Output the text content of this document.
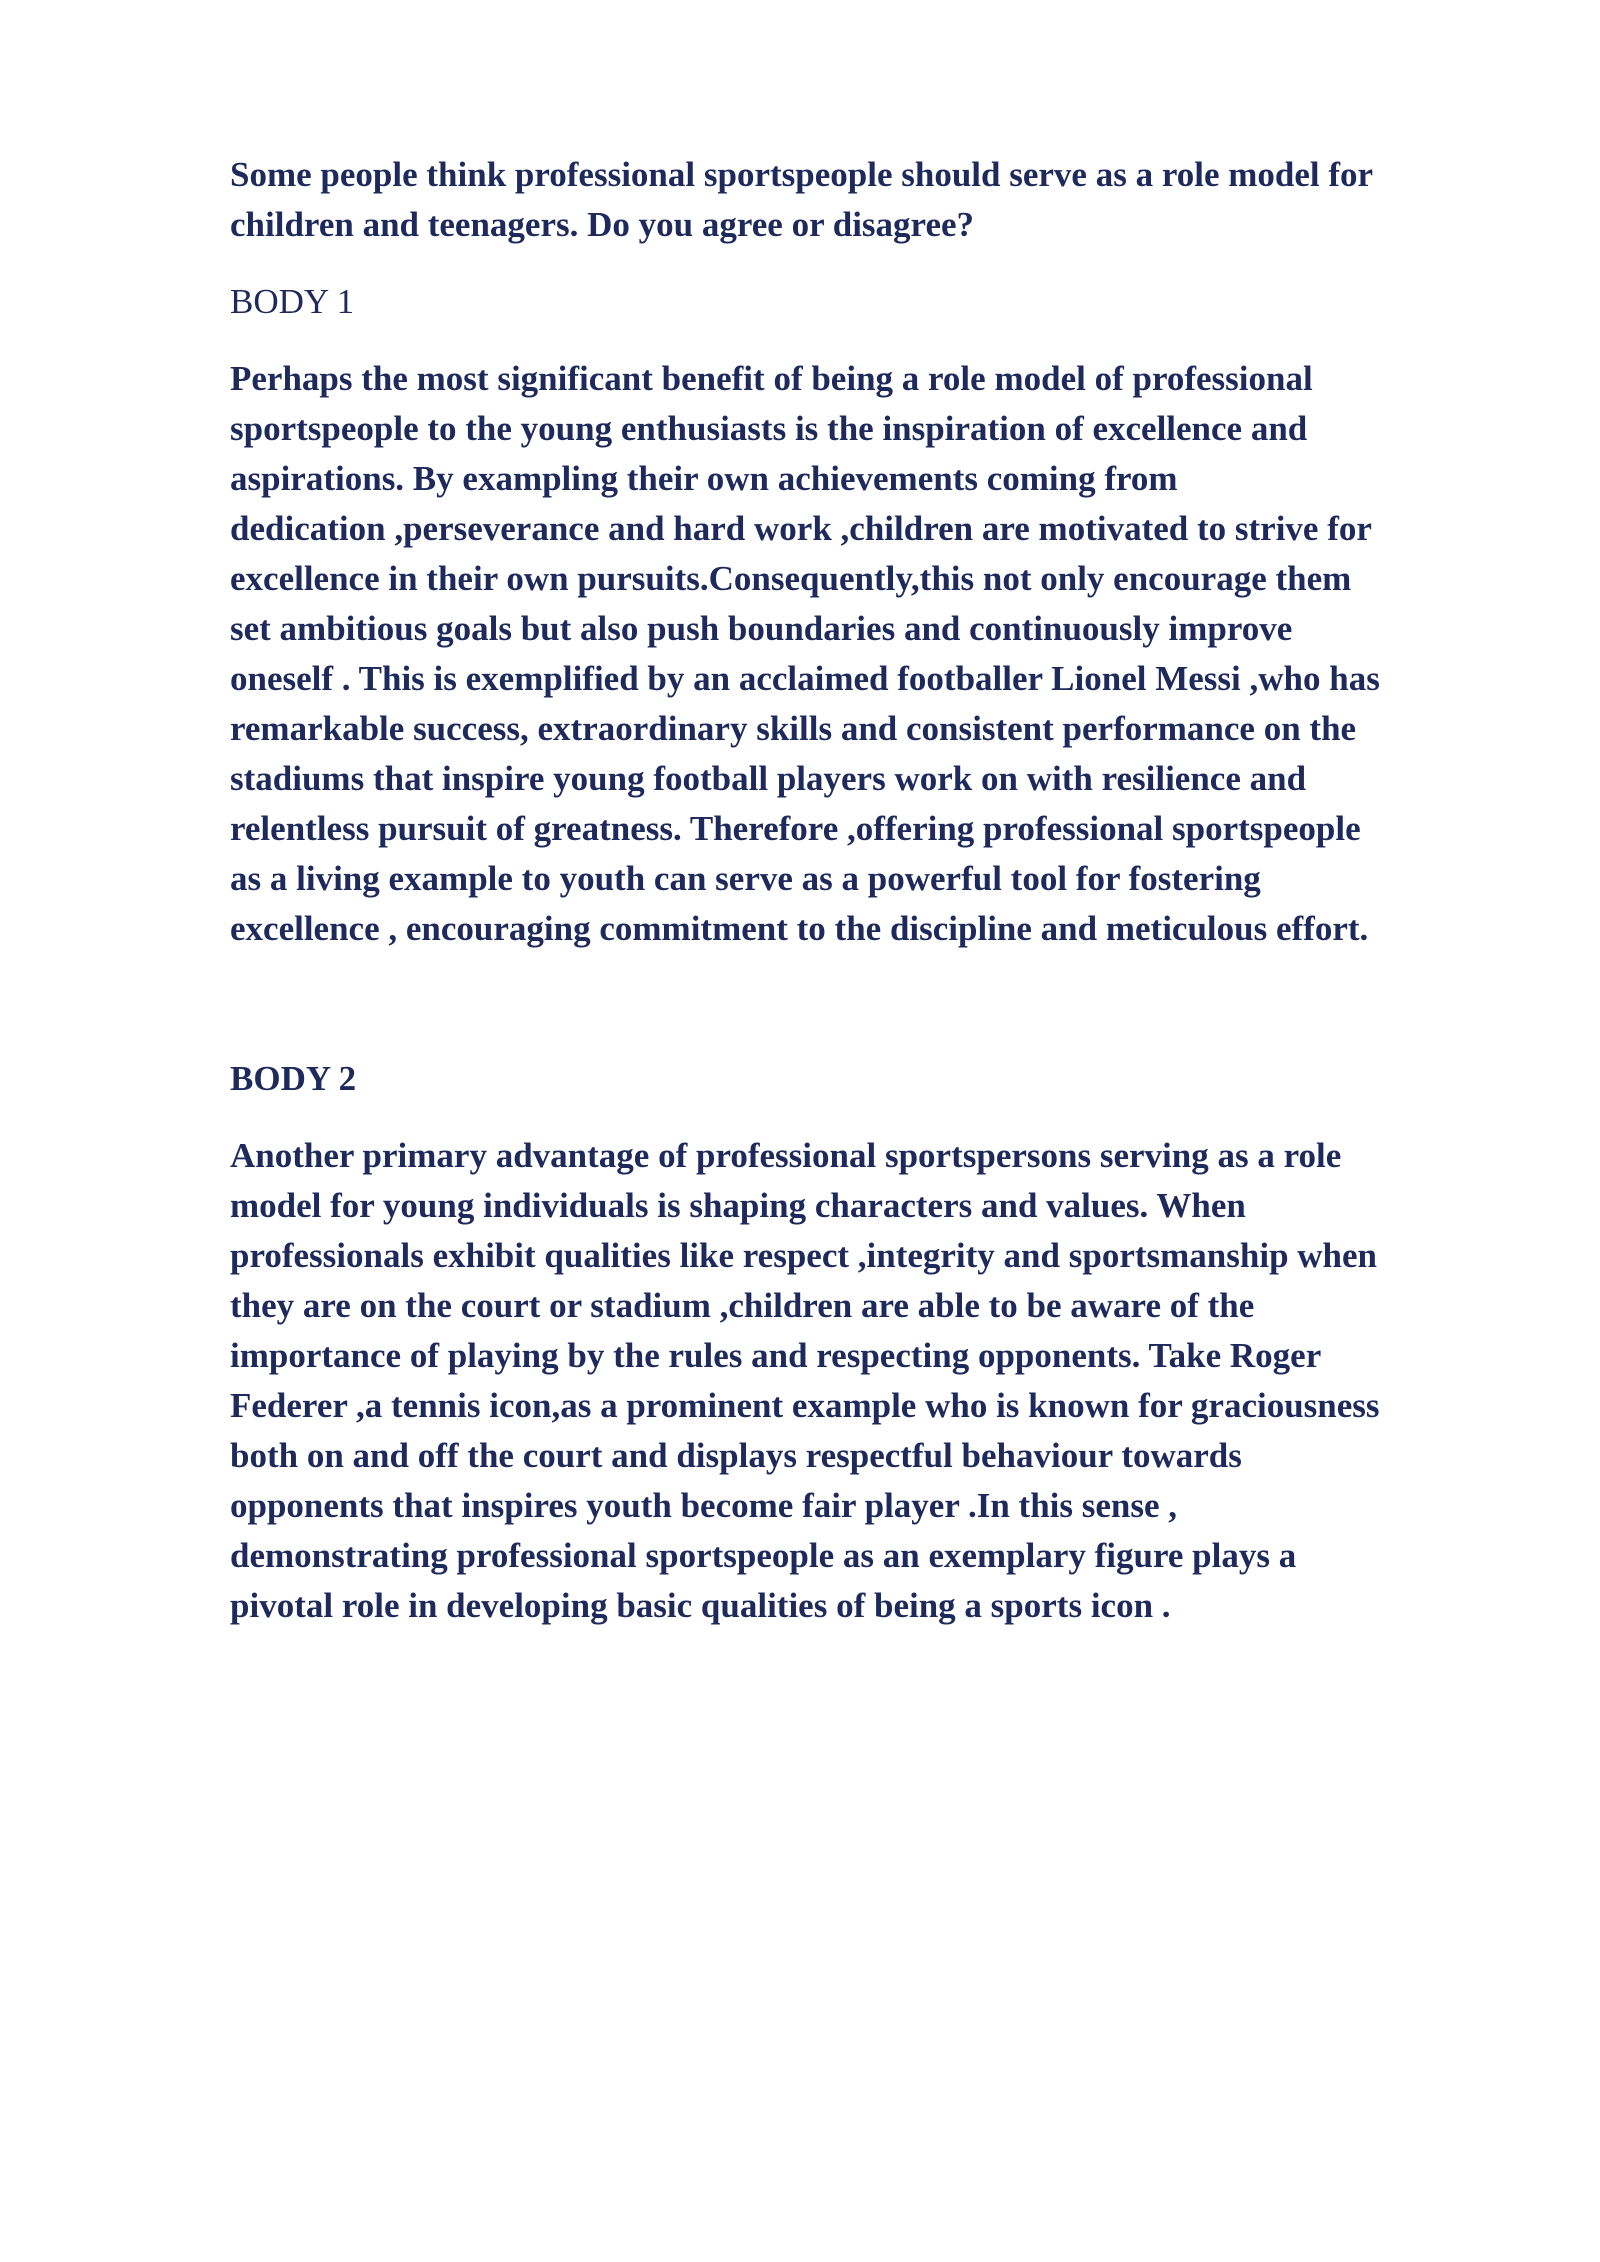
Some people think professional sportspeople should serve as a role model for
children and teenagers. Do you agree or disagree?
BODY 1
Perhaps the most significant benefit of being a role model of professional
sportspeople to the young enthusiasts is the inspiration of excellence and
aspirations. By exampling their own achievements coming from
dedication ,perseverance and hard work ,children are motivated to strive for
excellence in their own pursuits.Consequently,this not only encourage them
set ambitious goals but also push boundaries and continuously improve
oneself . This is exemplified by an acclaimed footballer Lionel Messi ,who has
remarkable success, extraordinary skills and consistent performance on the
stadiums that inspire young football players work on with resilience and
relentless pursuit of greatness. Therefore ,offering professional sportspeople
as a living example to youth can serve as a powerful tool for fostering
excellence , encouraging commitment to the discipline and meticulous effort.
BODY 2
Another primary advantage of professional sportspersons serving as a role
model for young individuals is shaping characters and values. When
professionals exhibit qualities like respect ,integrity and sportsmanship when
they are on the court or stadium ,children are able to be aware of the
importance of playing by the rules and respecting opponents. Take Roger
Federer ,a tennis icon,as a prominent example who is known for graciousness
both on and off the court and displays respectful behaviour towards
opponents that inspires youth become fair player .In this sense ,
demonstrating professional sportspeople as an exemplary figure plays a
pivotal role in developing basic qualities of being a sports icon .
